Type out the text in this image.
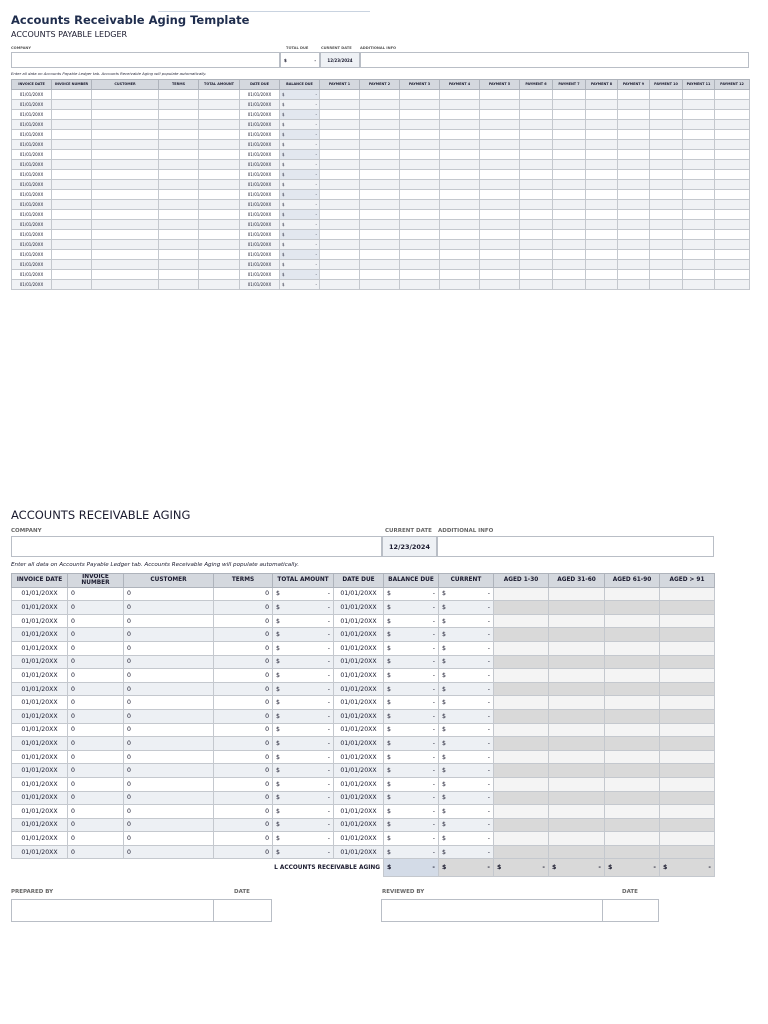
Accounts Receivable Aging Template
ACCOUNTS PAYABLE LEDGER
COMPANY	TOTAL DUE	CURRENT DATE ADDITIONAL INFO
$	-	12/23/2024
Enter all data on Accounts Payable Ledger tab. Accounts Receivable Aging will populate automatically.
INVOICE DATE	INVOICE NUMBER	CUSTOMER	TERMS	TOTAL AMOUNT	DATE DUE	BALANCE DUE	PAYMENT 1	PAYMENT 2	PAYMENT 3	PAYMENT 4	PAYMENT 5	PAYMENT 6	PAYMENT 7	PAYMENT 8	PAYMENT 9	PAYMENT 10	PAYMENT 11	PAYMENT 12
01/01/20XX					01/01/20XX	$ -												

01/01/20XX					01/01/20XX	$ -												

01/01/20XX					01/01/20XX	$ -												

01/01/20XX					01/01/20XX	$ -												

01/01/20XX					01/01/20XX	$ -												

01/01/20XX					01/01/20XX	$ -												

01/01/20XX					01/01/20XX	$ -												

01/01/20XX					01/01/20XX	$ -												

01/01/20XX					01/01/20XX	$ -												

01/01/20XX					01/01/20XX	$ -												

01/01/20XX					01/01/20XX	$ -												

01/01/20XX					01/01/20XX	$ -												

01/01/20XX					01/01/20XX	$ -												

01/01/20XX					01/01/20XX	$ -												

01/01/20XX					01/01/20XX	$ -												

01/01/20XX					01/01/20XX	$ -												

01/01/20XX					01/01/20XX	$ -												

01/01/20XX					01/01/20XX	$ -												

01/01/20XX					01/01/20XX	$ -												

01/01/20XX					01/01/20XX	$ -												

ACCOUNTS RECEIVABLE AGING
COMPANY	CURRENT DATE ADDITIONAL INFO
12/23/2024
Enter all data on Accounts Payable Ledger tab. Accounts Receivable Aging will populate automatically.
INVOICE DATE	INVOICE NUMBER	CUSTOMER	TERMS	TOTAL AMOUNT	DATE DUE	BALANCE DUE	CURRENT	AGED 1-30	AGED 31-60	AGED 61-90	AGED > 91
01/01/20XX	0	0	0	$ -	01/01/20XX	$ -	$ -				

01/01/20XX	0	0	0	$ -	01/01/20XX	$ -	$ -				

01/01/20XX	0	0	0	$ -	01/01/20XX	$ -	$ -				

01/01/20XX	0	0	0	$ -	01/01/20XX	$ -	$ -				

01/01/20XX	0	0	0	$ -	01/01/20XX	$ -	$ -				

01/01/20XX	0	0	0	$ -	01/01/20XX	$ -	$ -				

01/01/20XX	0	0	0	$ -	01/01/20XX	$ -	$ -				

01/01/20XX	0	0	0	$ -	01/01/20XX	$ -	$ -				

01/01/20XX	0	0	0	$ -	01/01/20XX	$ -	$ -				

01/01/20XX	0	0	0	$ -	01/01/20XX	$ -	$ -				

01/01/20XX	0	0	0	$ -	01/01/20XX	$ -	$ -				

01/01/20XX	0	0	0	$ -	01/01/20XX	$ -	$ -				

01/01/20XX	0	0	0	$ -	01/01/20XX	$ -	$ -				

01/01/20XX	0	0	0	$ -	01/01/20XX	$ -	$ -				

01/01/20XX	0	0	0	$ -	01/01/20XX	$ -	$ -				

01/01/20XX	0	0	0	$ -	01/01/20XX	$ -	$ -				

01/01/20XX	0	0	0	$ -	01/01/20XX	$ -	$ -				

01/01/20XX	0	0	0	$ -	01/01/20XX	$ -	$ -				

01/01/20XX	0	0	0	$ -	01/01/20XX	$ -	$ -				

01/01/20XX	0	0	0	$ -	01/01/20XX	$ -	$ -				

L ACCOUNTS RECEIVABLE AGING						$ -	$ -	$ -	$ -	$ -	$ -
PREPARED BY	DATE	REVIEWED BY	DATE
